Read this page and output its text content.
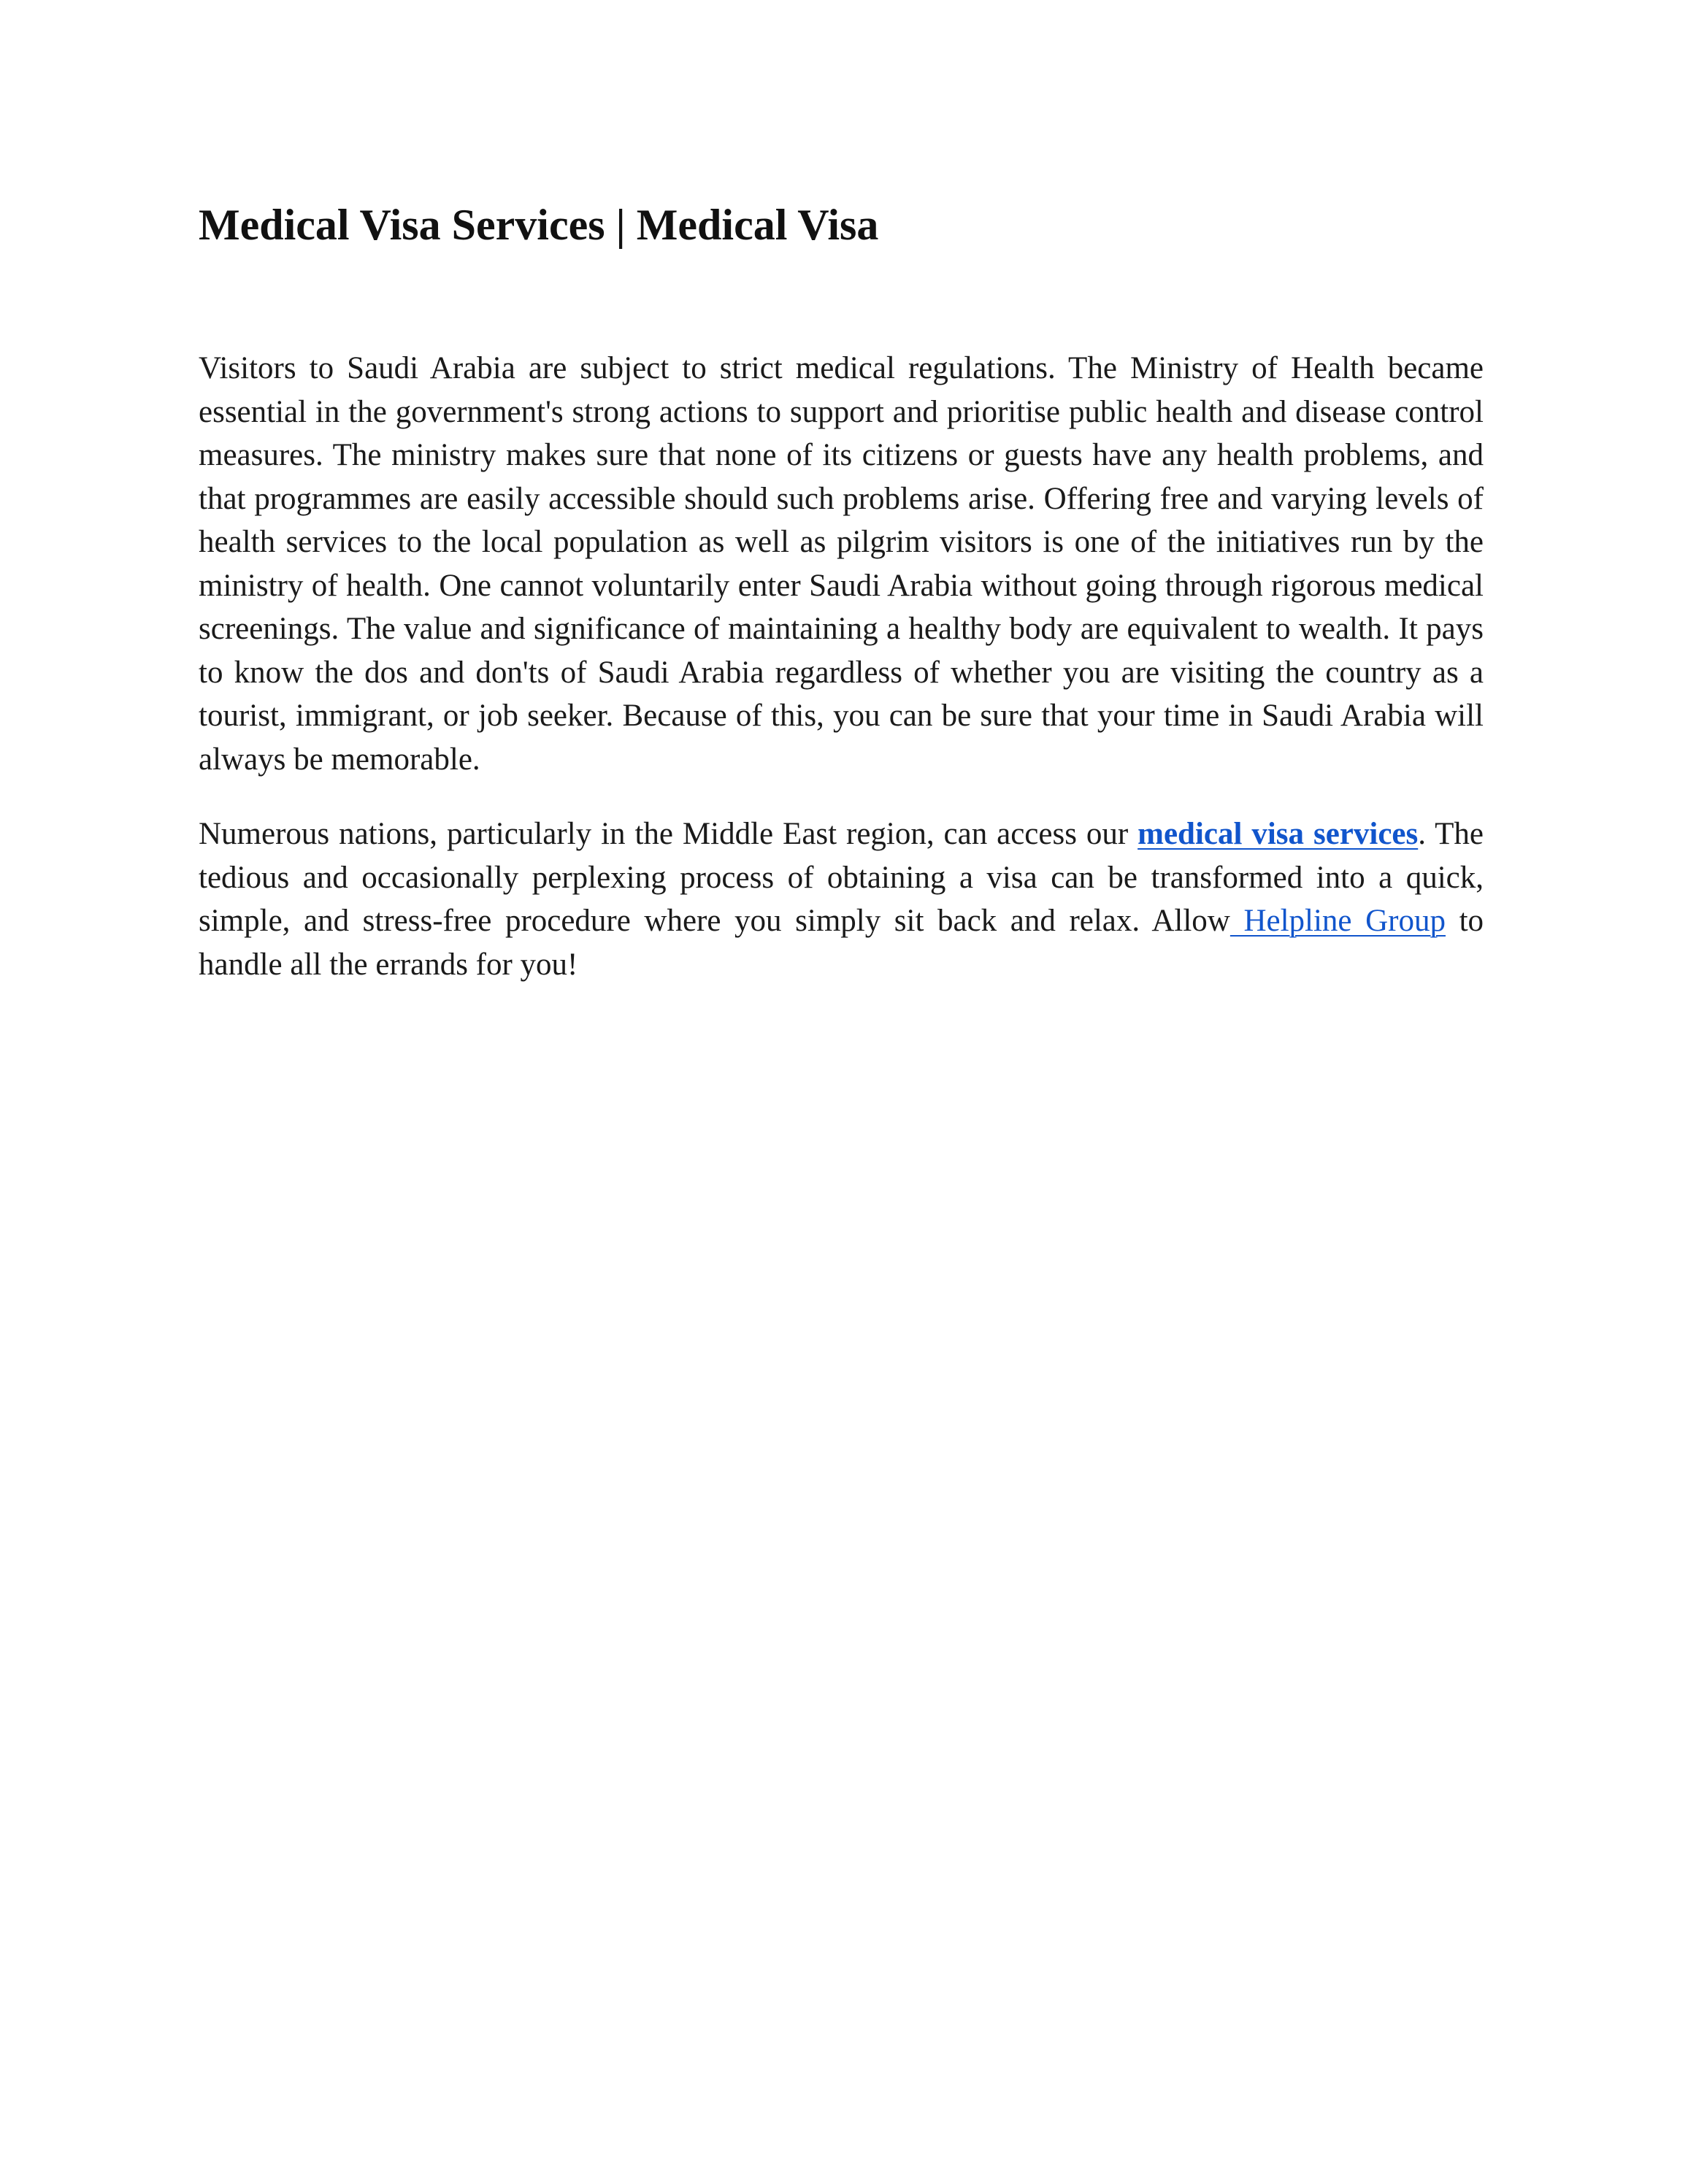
Medical Visa Services | Medical Visa

Visitors to Saudi Arabia are subject to strict medical regulations. The Ministry of Health became essential in the government's strong actions to support and prioritise public health and disease control measures. The ministry makes sure that none of its citizens or guests have any health problems, and that programmes are easily accessible should such problems arise. Offering free and varying levels of health services to the local population as well as pilgrim visitors is one of the initiatives run by the ministry of health. One cannot voluntarily enter Saudi Arabia without going through rigorous medical screenings. The value and significance of maintaining a healthy body are equivalent to wealth. It pays to know the dos and don'ts of Saudi Arabia regardless of whether you are visiting the country as a tourist, immigrant, or job seeker. Because of this, you can be sure that your time in Saudi Arabia will always be memorable.

Numerous nations, particularly in the Middle East region, can access our medical visa services. The tedious and occasionally perplexing process of obtaining a visa can be transformed into a quick, simple, and stress-free procedure where you simply sit back and relax. Allow Helpline Group to handle all the errands for you!
